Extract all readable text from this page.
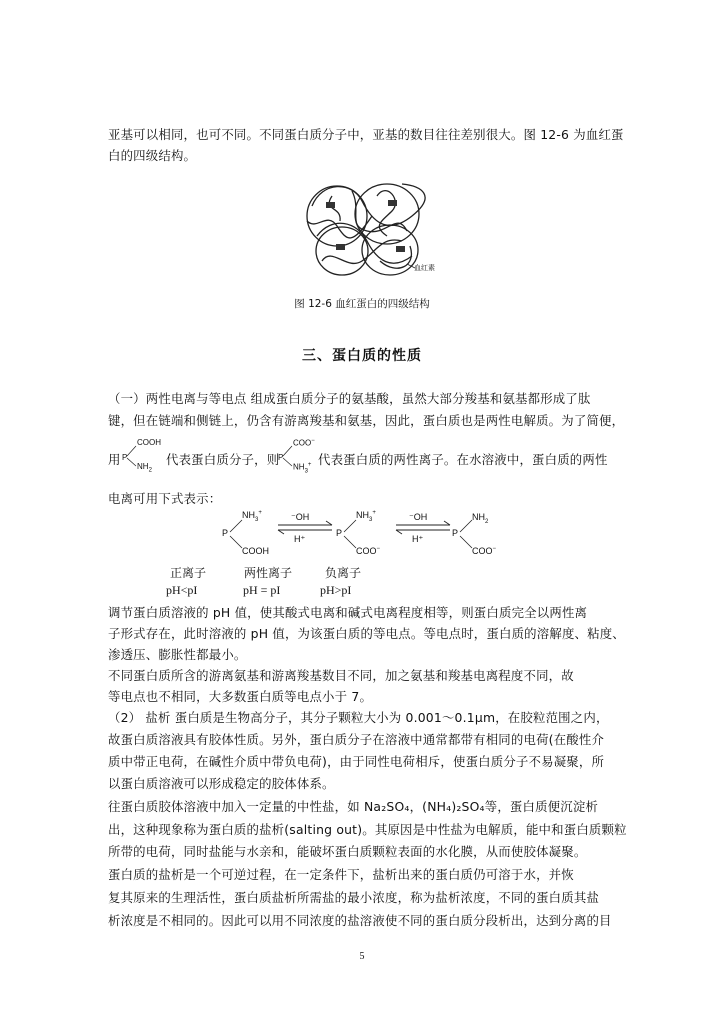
亚基可以相同，也可不同。不同蛋白质分子中，亚基的数目往往差别很大。图 12-6 为血红蛋
白的四级结构。
血红素
图 12-6 血红蛋白的四级结构
三、蛋白质的性质
（一）两性电离与等电点 组成蛋白质分子的氨基酸，虽然大部分羧基和氨基都形成了肽
键，但在链端和侧链上，仍含有游离羧基和氨基，因此，蛋白质也是两性电解质。为了简便，
用 P
COOH
$NH_2$
代表蛋白质分子，则
P
COO−
$NH_3^+$ 代表蛋白质的两性离子。在水溶液中，蛋白质的两性
电离可用下式表示：
P
$NH_3^+$
COOH
⁻OH
H⁺
P
$NH_3^+$
COO−
⁻OH
H⁺
P
$NH_2$
COO−
正离子	两性离子	负离子
pH<pI	pH = pI	pH>pI
调节蛋白质溶液的 pH 值，使其酸式电离和碱式电离程度相等，则蛋白质完全以两性离
子形式存在，此时溶液的 pH 值，为该蛋白质的等电点。等电点时，蛋白质的溶解度、粘度、
渗透压、膨胀性都最小。
不同蛋白质所含的游离氨基和游离羧基数目不同，加之氨基和羧基电离程度不同，故
等电点也不相同，大多数蛋白质等电点小于 7。
（2） 盐析 蛋白质是生物高分子，其分子颗粒大小为 0.001～0.1μm，在胶粒范围之内，
故蛋白质溶液具有胶体性质。另外，蛋白质分子在溶液中通常都带有相同的电荷(在酸性介
质中带正电荷，在碱性介质中带负电荷)，由于同性电荷相斥，使蛋白质分子不易凝聚，所
以蛋白质溶液可以形成稳定的胶体体系。
往蛋白质胶体溶液中加入一定量的中性盐，如 Na₂SO₄，(NH₄)₂SO₄等，蛋白质便沉淀析
出，这种现象称为蛋白质的盐析(salting out)。其原因是中性盐为电解质，能中和蛋白质颗粒
所带的电荷，同时盐能与水亲和，能破坏蛋白质颗粒表面的水化膜，从而使胶体凝聚。
蛋白质的盐析是一个可逆过程，在一定条件下，盐析出来的蛋白质仍可溶于水，并恢
复其原来的生理活性，蛋白质盐析所需盐的最小浓度，称为盐析浓度，不同的蛋白质其盐
析浓度是不相同的。因此可以用不同浓度的盐溶液使不同的蛋白质分段析出，达到分离的目
5
